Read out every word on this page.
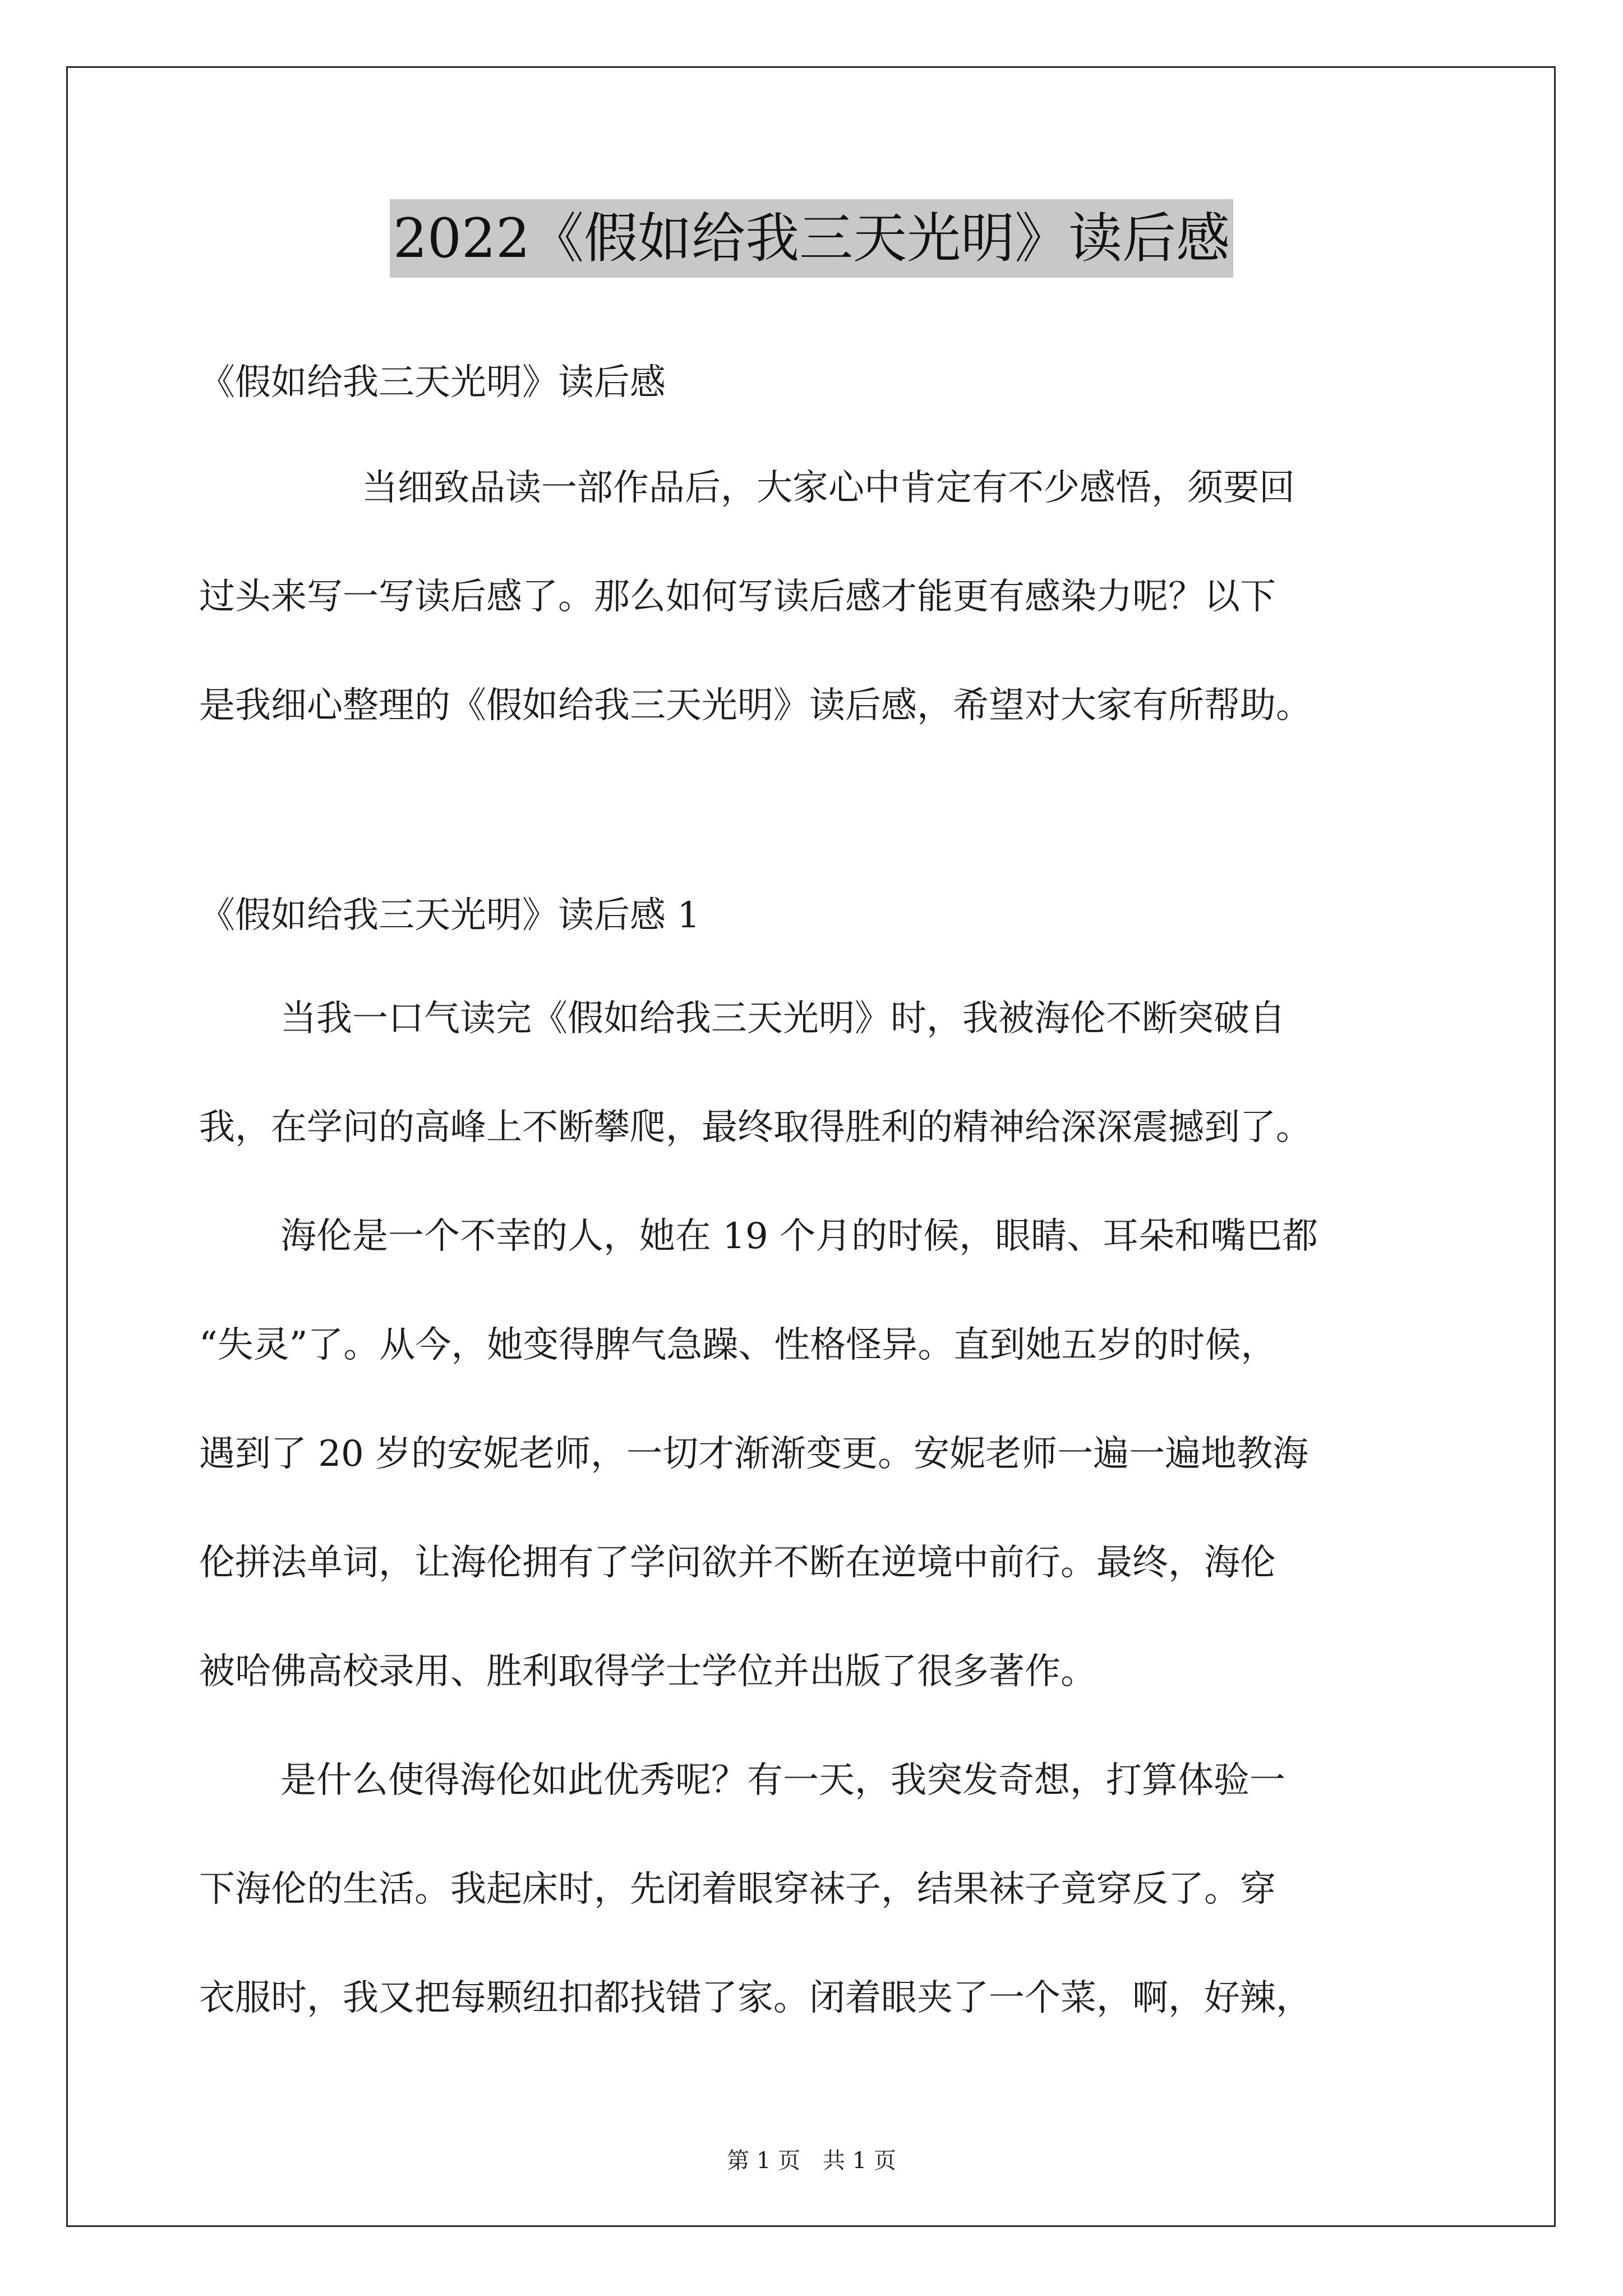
2022《假如给我三天光明》读后感
《假如给我三天光明》读后感
当细致品读一部作品后，大家心中肯定有不少感悟，须要回
过头来写一写读后感了。那么如何写读后感才能更有感染力呢？以下
是我细心整理的《假如给我三天光明》读后感，希望对大家有所帮助。
《假如给我三天光明》读后感 1
当我一口气读完《假如给我三天光明》时，我被海伦不断突破自
我，在学问的高峰上不断攀爬，最终取得胜利的精神给深深震撼到了。
海伦是一个不幸的人，她在 19 个月的时候，眼睛、耳朵和嘴巴都
“失灵”了。从今，她变得脾气急躁、性格怪异。直到她五岁的时候，
遇到了 20 岁的安妮老师，一切才渐渐变更。安妮老师一遍一遍地教海
伦拼法单词，让海伦拥有了学问欲并不断在逆境中前行。最终，海伦
被哈佛高校录用、胜利取得学士学位并出版了很多著作。
是什么使得海伦如此优秀呢？有一天，我突发奇想，打算体验一
下海伦的生活。我起床时，先闭着眼穿袜子，结果袜子竟穿反了。穿
衣服时，我又把每颗纽扣都找错了家。闭着眼夹了一个菜，啊，好辣，
第 1 页　共 1 页
